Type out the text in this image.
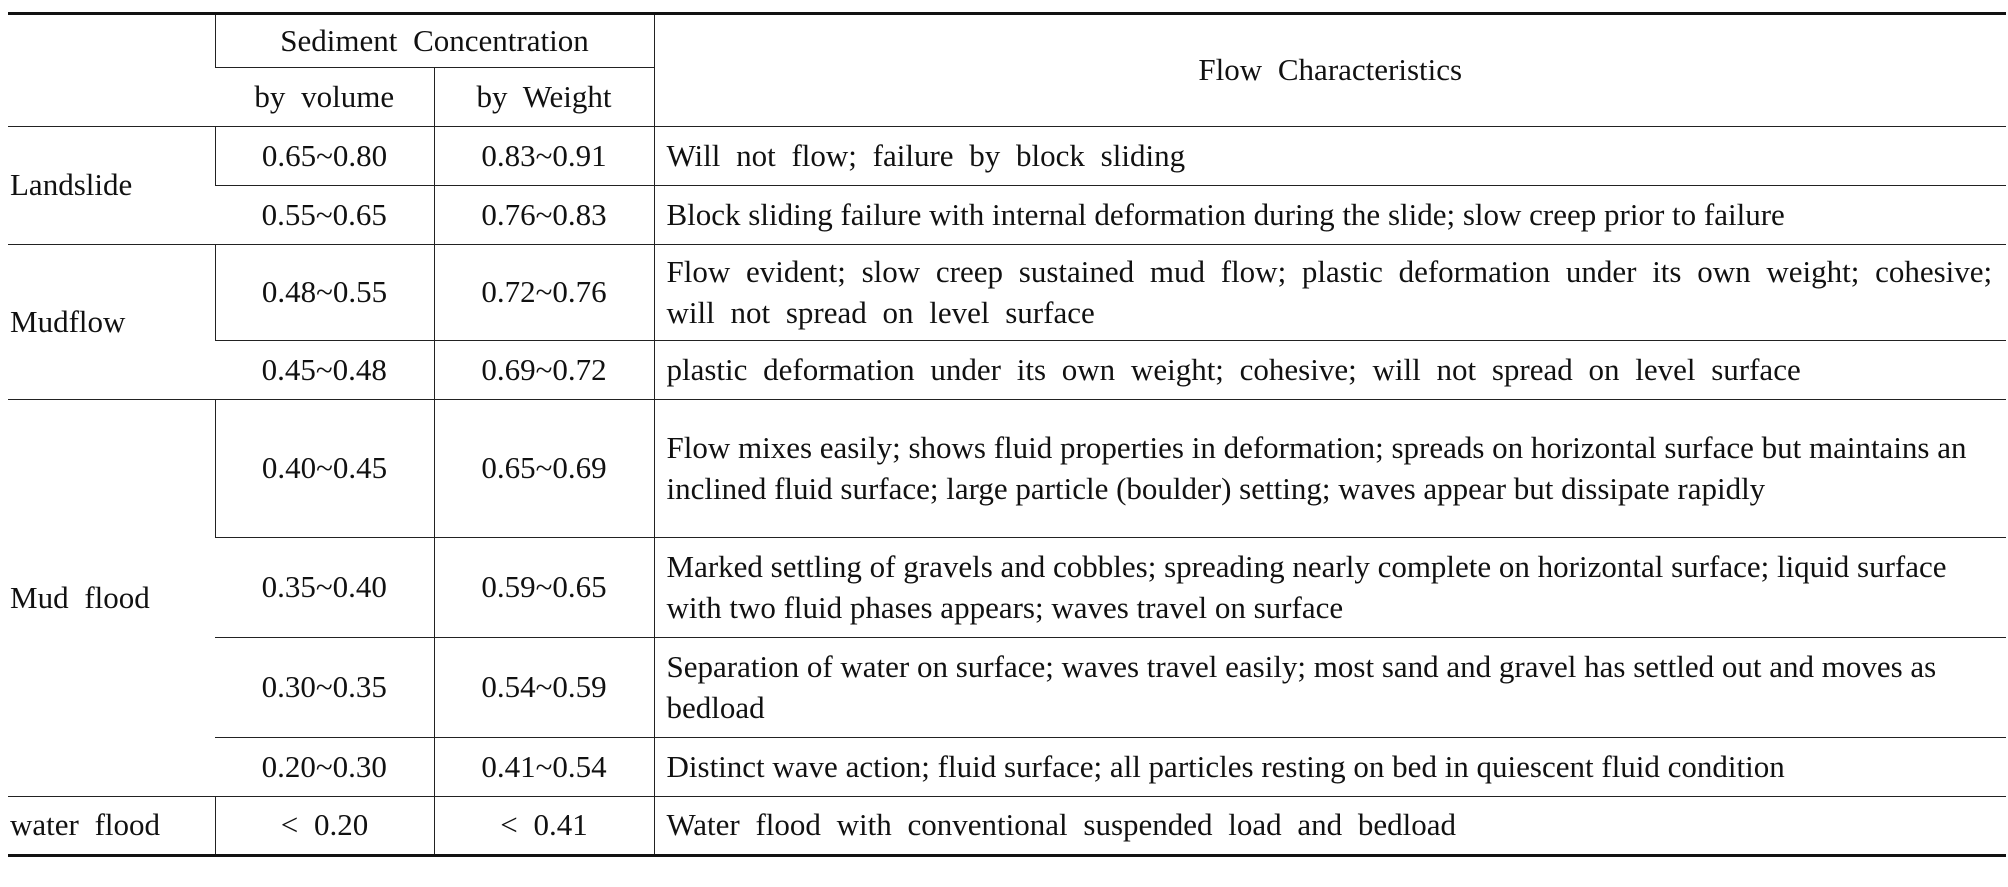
	Sediment Concentration		Flow Characteristics
	by volume	by Weight	
Landslide	0.65~0.80	0.83~0.91	Will not flow; failure by block sliding
	0.55~0.65	0.76~0.83	Block sliding failure with internal deformation during the slide; slow creep prior to failure
Mudflow	0.48~0.55	0.72~0.76	Flow evident; slow creep sustained mud flow; plastic deformation under its own weight; cohesive; will not spread on level surface
	0.45~0.48	0.69~0.72	plastic deformation under its own weight; cohesive; will not spread on level surface
Mud flood	0.40~0.45	0.65~0.69	Flow mixes easily; shows fluid properties in deformation; spreads on horizontal surface but maintains an inclined fluid surface; large particle (boulder) setting; waves appear but dissipate rapidly
	0.35~0.40	0.59~0.65	Marked settling of gravels and cobbles; spreading nearly complete on horizontal surface; liquid surface with two fluid phases appears; waves travel on surface
	0.30~0.35	0.54~0.59	Separation of water on surface; waves travel easily; most sand and gravel has settled out and moves as bedload
	0.20~0.30	0.41~0.54	Distinct wave action; fluid surface; all particles resting on bed in quiescent fluid condition
water flood	< 0.20	< 0.41	Water flood with conventional suspended load and bedload
